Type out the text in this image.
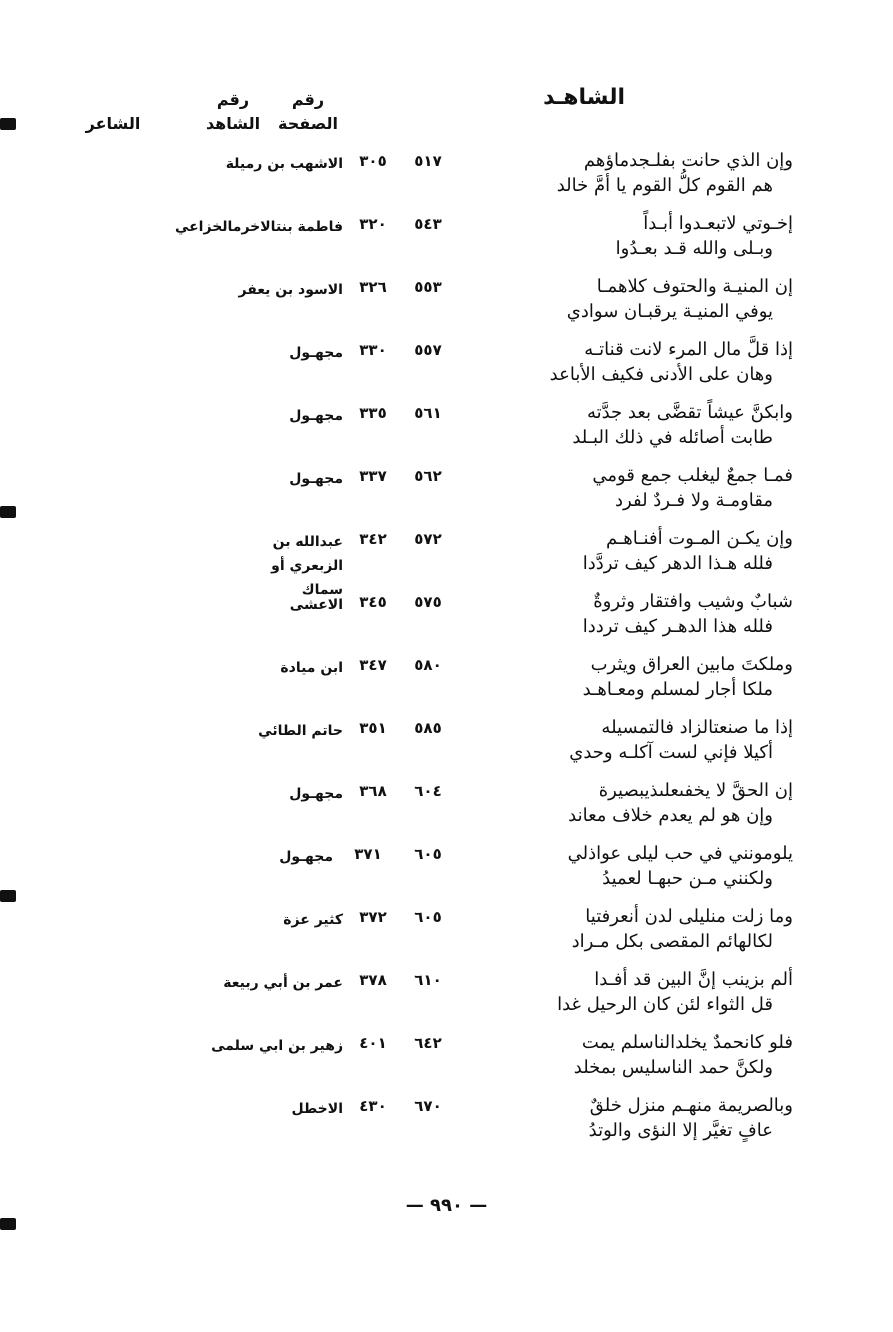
الشاهـد
رقم الصفحة
رقم الشاهد
الشاعر
وإن الذي حانت بفلـجدماؤهم
هم القوم كلُّ القوم يا أمَّ خالد
٥١٧
٣٠٥
الاشهب بن رميلة
إخـوتي لاتبعـدوا أبـداً
وبـلى والله قـد بعـدُوا
٥٤٣
٣٢٠
فاطمة بنتالاخرمالخزاعي
إن المنيـة والحتوف كلاهمـا
يوفي المنيـة يرقبـان سوادي
٥٥٣
٣٢٦
الاسود بن يعفر
إذا قلَّ مال المرء لانت قناتـه
وهان على الأدنى فكيف الأباعد
٥٥٧
٣٣٠
مجهـول
وابكنَّ عيشاً تقضَّى بعد جدَّته
طابت أصائله في ذلك البـلد
٥٦١
٣٣٥
مجهـول
فمـا جمعٌ ليغلب جمع قومي
مقاومـة ولا فـردٌ لفرد
٥٦٢
٣٣٧
مجهـول
وإن يكـن المـوت أفنـاهـم
فلله هـذا الدهر كيف تردَّدا
٥٧٢
٣٤٢
عبدالله بن الزبعري أو سماك
شبابٌ وشيب وافتقار وثروةٌ
فلله هذا الدهـر كيف ترددا
٥٧٥
٣٤٥
الاعشى
وملكتَ مابين العراق ويثرب
ملكا أجار لمسلم ومعـاهـد
٥٨٠
٣٤٧
ابن ميادة
إذا ما صنعتالزاد فالتمسيله
أكيلا فإني لست آكلـه وحدي
٥٨٥
٣٥١
حاتم الطائي
إن الحقَّ لا يخفىعلىذيبصيرة
وإن هو لم يعدم خلاف معاند
٦٠٤
٣٦٨
مجهـول
يلومونني في حب ليلى عواذلي
ولكنني مـن حبهـا لعميدُ
٦٠٥
٣٧١
مجهـول
وما زلت منليلى لدن أنعرفتيا
لكالهائم المقصى بكل مـراد
٦٠٥
٣٧٢
كثير عزة
ألم بزينب إنَّ البين قد أفـدا
قل الثواء لئن كان الرحيل غدا
٦١٠
٣٧٨
عمر بن أبي ربيعة
فلو كانحمدٌ يخلدالناسلم يمت
ولكنَّ حمد الناسليس بمخلد
٦٤٢
٤٠١
زهير بن ابي سلمى
وبالصريمة منهـم منزل خلقٌ
عافٍ تغيَّر إلا النؤى والوتدُ
٦٧٠
٤٣٠
الاخطل
— ٩٩٠ —
